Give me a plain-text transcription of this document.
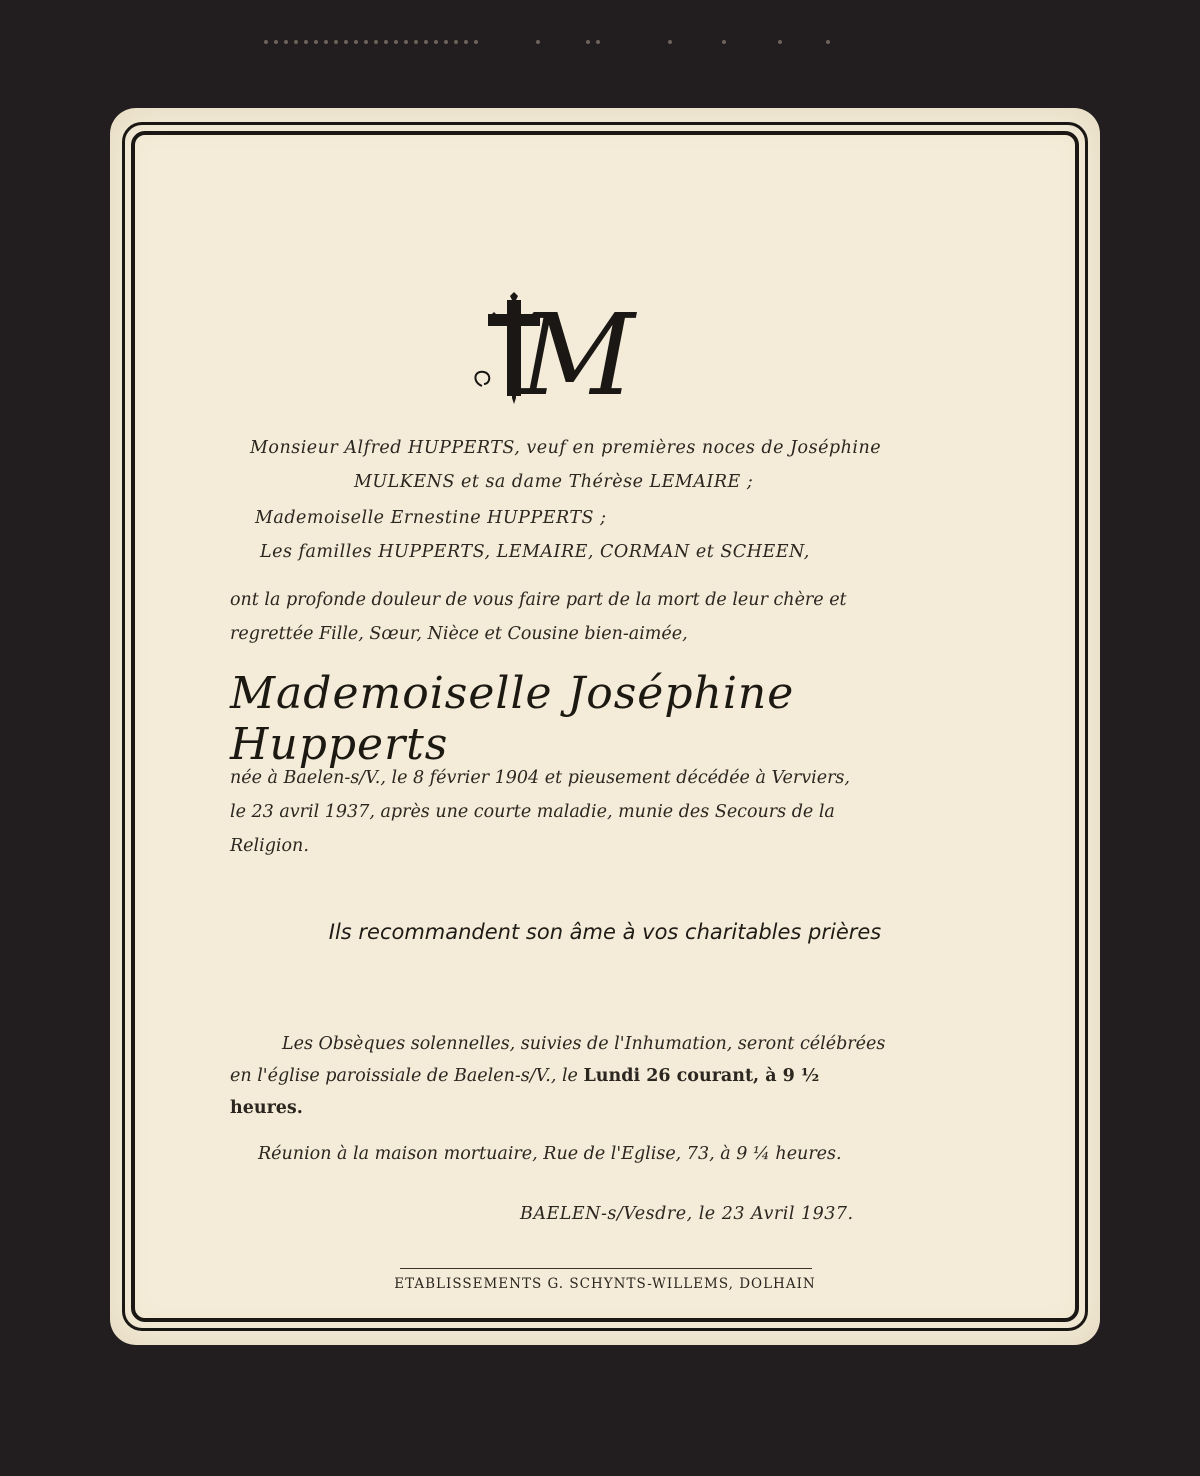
M
Monsieur Alfred HUPPERTS, veuf en premières noces de Joséphine
MULKENS et sa dame Thérèse LEMAIRE ;
Mademoiselle Ernestine HUPPERTS ;
Les familles HUPPERTS, LEMAIRE, CORMAN et SCHEEN,
ont la profonde douleur de vous faire part de la mort de leur chère et
regrettée Fille, Sœur, Nièce et Cousine bien-aimée,
Mademoiselle Joséphine Hupperts
née à Baelen-s/V., le 8 février 1904 et pieusement décédée à Verviers,
le 23 avril 1937, après une courte maladie, munie des Secours de la
Religion.
Ils recommandent son âme à vos charitables prières
Les Obsèques solennelles, suivies de l'Inhumation, seront célébrées
en l'église paroissiale de Baelen-s/V., le Lundi 26 courant, à 9 ½
heures.
Réunion à la maison mortuaire, Rue de l'Eglise, 73, à 9 ¼ heures.
BAELEN-s/Vesdre, le 23 Avril 1937.
ETABLISSEMENTS G. SCHYNTS-WILLEMS, DOLHAIN
